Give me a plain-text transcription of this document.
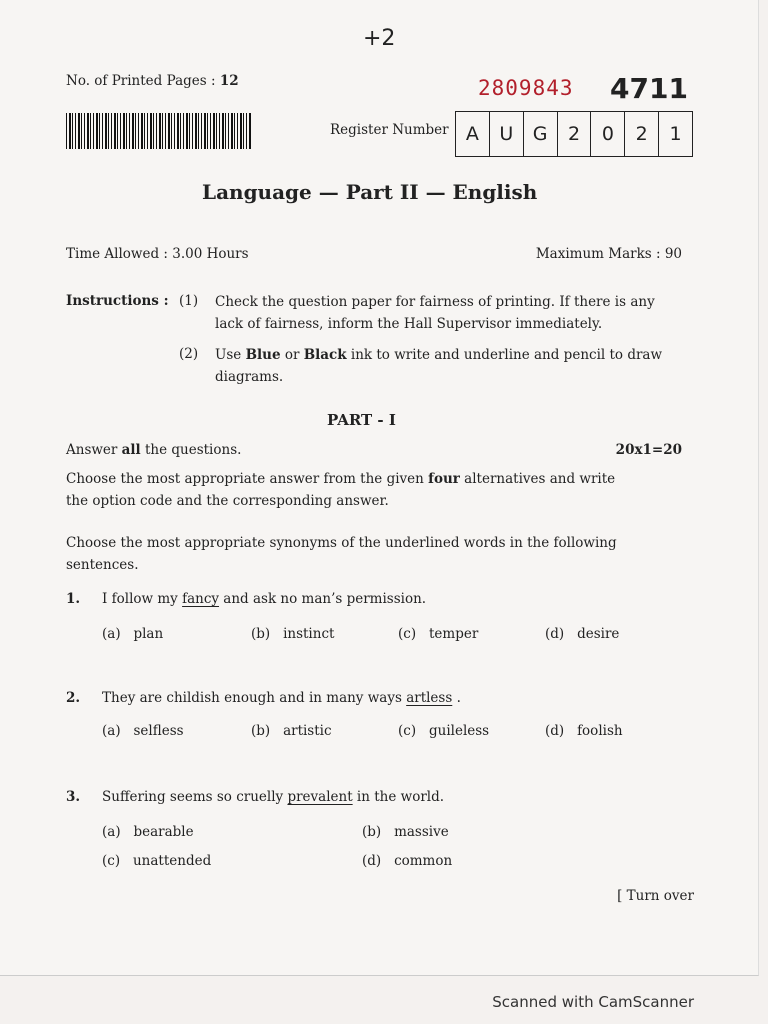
+2
No. of Printed Pages : 12	2809843 4711
Register Number A	U	G	2	0	2	1
Language — Part II — English
Time Allowed : 3.00 Hours	Maximum Marks : 90
Instructions : (1) Check the question paper for fairness of printing. If there is any
lack of fairness, inform the Hall Supervisor immediately.
(2) Use Blue or Black ink to write and underline and pencil to draw
diagrams.
PART - I
Answer all the questions.	20x1=20
Choose the most appropriate answer from the given four alternatives and write
the option code and the corresponding answer.
Choose the most appropriate synonyms of the underlined words in the following
sentences.
1. I follow my fancy and ask no man’s permission.
(a) plan	(b) instinct	(c) temper	(d) desire
2. They are childish enough and in many ways artless .
(a) selfless	(b) artistic	(c) guileless	(d) foolish
3. Suffering seems so cruelly prevalent in the world.
(a) bearable	(b) massive
(c) unattended	(d) common
[ Turn over
Scanned with CamScanner
